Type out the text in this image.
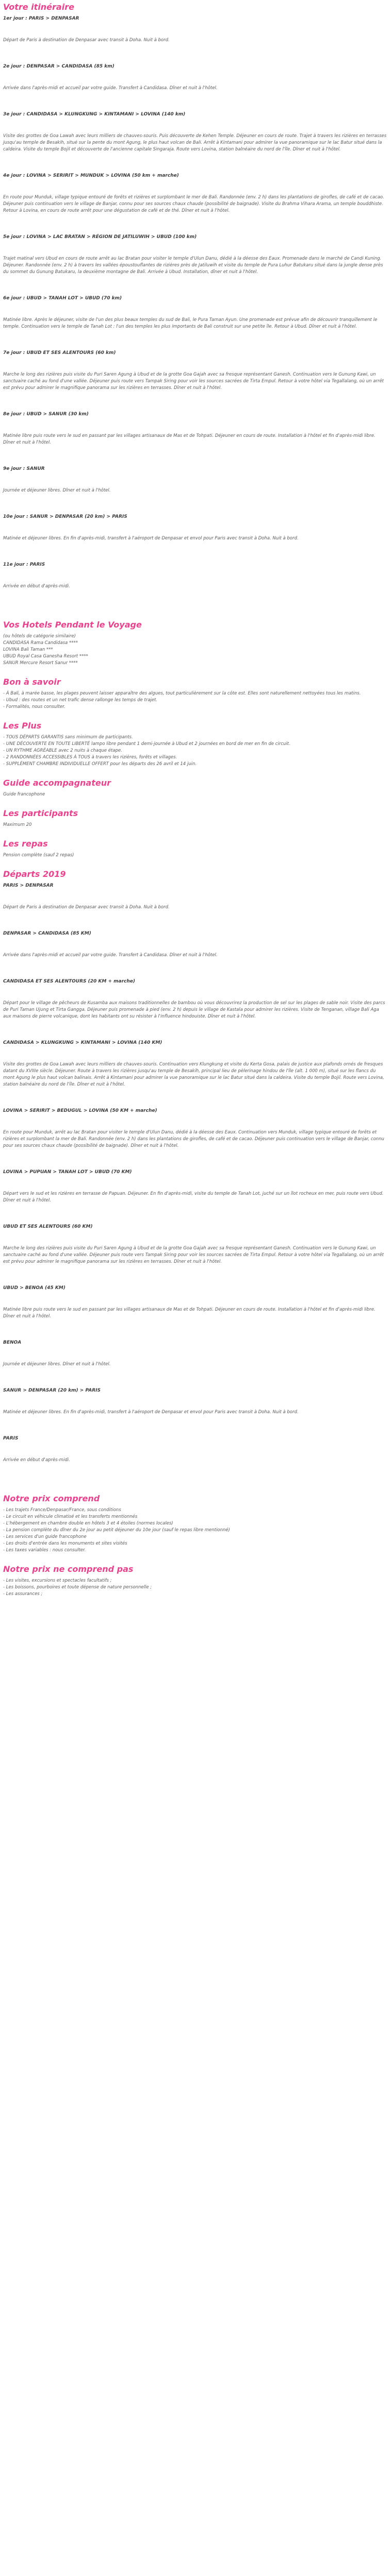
Votre itinéraire

1er jour : PARIS > DENPASAR

Départ de Paris à destination de Denpasar avec transit à Doha. Nuit à bord.

2e jour : DENPASAR > CANDIDASA (85 km)

Arrivée dans l'après-midi et accueil par votre guide. Transfert à Candidasa. Dîner et nuit à l'hôtel.

3e jour : CANDIDASA > KLUNGKUNG > KINTAMANI > LOVINA (140 km)

Visite des grottes de Goa Lawah avec leurs milliers de chauves-souris. Puis découverte de Kehen Temple. Déjeuner en cours de route. Trajet à travers les rizières en terrasses jusqu'au temple de Besakih, situé sur la pente du mont Agung, le plus haut volcan de Bali. Arrêt à Kintamani pour admirer la vue panoramique sur le lac Batur situé dans la caldeira. Visite du temple Bojil et découverte de l'ancienne capitale Singaraja. Route vers Lovina, station balnéaire du nord de l'île. Dîner et nuit à l'hôtel.

4e jour : LOVINA > SERIRIT > MUNDUK > LOVINA (50 km + marche)

En route pour Munduk, village typique entouré de forêts et rizières et surplombant le mer de Bali. Randonnée (env. 2 h) dans les plantations de girofles, de café et de cacao. Déjeuner puis continuation vers le village de Banjar, connu pour ses sources chaux chaude (possibilité de baignade). Visite du Brahma Vihara Arama, un temple bouddhiste. Retour à Lovina, en cours de route arrêt pour une dégustation de café et de thé. Dîner et nuit à l'hôtel.

5e jour : LOVINA > LAC BRATAN > RÉGION DE JATILUWIH > UBUD (100 km)

Trajet matinal vers Ubud en cours de route arrêt au lac Bratan pour visiter le temple d'Ulun Danu, dédié à la déesse des Eaux. Promenade dans le marché de Candi Kuning. Déjeuner. Randonnée (env. 2 h) à travers les vallées époustouflantes de rizières près de Jatiluwih et visite du temple de Pura Luhur Batukaru situé dans la jungle dense près du sommet du Gunung Batukaru, la deuxième montagne de Bali. Arrivée à Ubud. Installation, dîner et nuit à l'hôtel.

6e jour : UBUD > TANAH LOT > UBUD (70 km)

Matinée libre. Après le déjeuner, visite de l'un des plus beaux temples du sud de Bali, le Pura Taman Ayun. Une promenade est prévue afin de découvrir tranquillement le temple. Continuation vers le temple de Tanah Lot : l'un des temples les plus importants de Bali construit sur une petite île. Retour à Ubud. Dîner et nuit à l'hôtel.

7e jour : UBUD ET SES ALENTOURS (60 km)

Marche le long des rizières puis visite du Puri Saren Agung à Ubud et de la grotte Goa Gajah avec sa fresque représentant Ganesh. Continuation vers le Gunung Kawi, un sanctuaire caché au fond d'une vallée. Déjeuner puis route vers Tampak Siring pour voir les sources sacrées de Tirta Empul. Retour à votre hôtel via Tegallalang, où un arrêt est prévu pour admirer le magnifique panorama sur les rizières en terrasses. Dîner et nuit à l'hôtel.

8e jour : UBUD > SANUR (30 km)

Matinée libre puis route vers le sud en passant par les villages artisanaux de Mas et de Tohpati. Déjeuner en cours de route. Installation à l'hôtel et fin d'après-midi libre. Dîner et nuit à l'hôtel.

9e jour : SANUR

Journée et déjeuner libres. Dîner et nuit à l'hôtel.

10e jour : SANUR > DENPASAR (20 km) > PARIS

Matinée et déjeuner libres. En fin d'après-midi, transfert à l'aéroport de Denpasar et envol pour Paris avec transit à Doha. Nuit à bord.

11e jour : PARIS

Arrivée en début d'après-midi.

Vos Hotels Pendant le Voyage

(ou hôtels de catégorie similaire)

CANDIDASA Rama Candidasa ****

LOVINA Bali Taman ***

UBUD Royal Casa Ganesha Resort ****

SANUR Mercure Resort Sanur ****

Bon à savoir

- À Bali, à marée basse, les plages peuvent laisser apparaître des algues, tout particulièrement sur la côte est. Elles sont naturellement nettoyées tous les matins.

- Ubud : des routes et un net trafic dense rallonge les temps de trajet.

- Formalités, nous consulter.

Les Plus

- TOUS DÉPARTS GARANTIS sans minimum de participants.

- UNE DÉCOUVERTE EN TOUTE LIBERTÉ lampo libre pendant 1 demi-journée à Ubud et 2 journées en bord de mer en fin de circuit.

- UN RYTHME AGRÉABLE avec 2 nuits à chaque étape.

- 2 RANDONNÉES ACCESSIBLES À TOUS à travers les rizières, forêts et villages.

- SUPPLÉMENT CHAMBRE INDIVIDUELLE OFFERT pour les départs des 26 avril et 14 juin.

Guide accompagnateur

Guide francophone

Les participants

Maximum 20

Les repas

Pension complète (sauf 2 repas)

Départs 2019

PARIS > DENPASAR

Départ de Paris à destination de Denpasar avec transit à Doha. Nuit à bord.

DENPASAR > CANDIDASA (85 KM)

Arrivée dans l'après-midi et accueil par votre guide. Transfert à Candidasa. Dîner et nuit à l'hôtel.

CANDIDASA ET SES ALENTOURS (20 KM + marche)

Départ pour le village de pêcheurs de Kusamba aux maisons traditionnelles de bambou où vous découvrirez la production de sel sur les plages de sable noir. Visite des parcs de Puri Taman Ujung et Tirta Gangga. Déjeuner puis promenade à pied (env. 2 h) depuis le village de Kastala pour admirer les rizières. Visite de Tenganan, village Bali Aga aux maisons de pierre volcanique, dont les habitants ont su résister à l'influence hindouiste. Dîner et nuit à l'hôtel.

CANDIDASA > KLUNGKUNG > KINTAMANI > LOVINA (140 KM)

Visite des grottes de Goa Lawah avec leurs milliers de chauves-souris. Continuation vers Klungkung et visite du Kerta Gosa, palais de justice aux plafonds ornés de fresques datant du XVIIIe siècle. Déjeuner. Route à travers les rizières jusqu'au temple de Besakih, principal lieu de pèlerinage hindou de l'île (alt. 1 000 m), situé sur les flancs du mont Agung le plus haut volcan balinais. Arrêt à Kintamani pour admirer la vue panoramique sur le lac Batur situé dans la caldeira. Visite du temple Bojil. Route vers Lovina, station balnéaire du nord de l'île. Dîner et nuit à l'hôtel.

LOVINA > SERIRIT > BEDUGUL > LOVINA (50 KM + marche)

En route pour Munduk, arrêt au lac Bratan pour visiter le temple d'Ulun Danu, dédié à la déesse des Eaux. Continuation vers Munduk, village typique entouré de forêts et rizières et surplombant la mer de Bali. Randonnée (env. 2 h) dans les plantations de girofles, de café et de cacao. Déjeuner puis continuation vers le village de Banjar, connu pour ses sources chaux chaude (possibilité de baignade). Dîner et nuit à l'hôtel.

LOVINA > PUPUAN > TANAH LOT > UBUD (70 KM)

Départ vers le sud et les rizières en terrasse de Papuan. Déjeuner. En fin d'après-midi, visite du temple de Tanah Lot, juché sur un îlot rocheux en mer, puis route vers Ubud. Dîner et nuit à l'hôtel.

UBUD ET SES ALENTOURS (60 KM)

Marche le long des rizières puis visite du Puri Saren Agung à Ubud et de la grotte Goa Gajah avec sa fresque représentant Ganesh. Continuation vers le Gunung Kawi, un sanctuaire caché au fond d'une vallée. Déjeuner puis route vers Tampak Siring pour voir les sources sacrées de Tirta Empul. Retour à votre hôtel via Tegallalang, où un arrêt est prévu pour admirer le magnifique panorama sur les rizières en terrasses. Dîner et nuit à l'hôtel.

UBUD > BENOA (45 KM)

Matinée libre puis route vers le sud en passant par les villages artisanaux de Mas et de Tohpati. Déjeuner en cours de route. Installation à l'hôtel et fin d'après-midi libre. Dîner et nuit à l'hôtel.

BENOA

Journée et déjeuner libres. Dîner et nuit à l'hôtel.

SANUR > DENPASAR (20 km) > PARIS

Matinée et déjeuner libres. En fin d'après-midi, transfert à l'aéroport de Denpasar et envol pour Paris avec transit à Doha. Nuit à bord.

PARIS

Arrivée en début d'après-midi.

Notre prix comprend

- Les trajets France/Denpasar/France, sous conditions

- Le circuit en véhicule climatisé et les transferts mentionnés

- L'hébergement en chambre double en hôtels 3 et 4 étoiles (normes locales)

- La pension complète du dîner du 2e jour au petit déjeuner du 10e jour (sauf le repas libre mentionné)

- Les services d'un guide francophone

- Les droits d'entrée dans les monuments et sites visités

- Les taxes variables : nous consulter.

Notre prix ne comprend pas

- Les visites, excursions et spectacles facultatifs ;

- Les boissons, pourboires et toute dépense de nature personnelle ;

- Les assurances ;
